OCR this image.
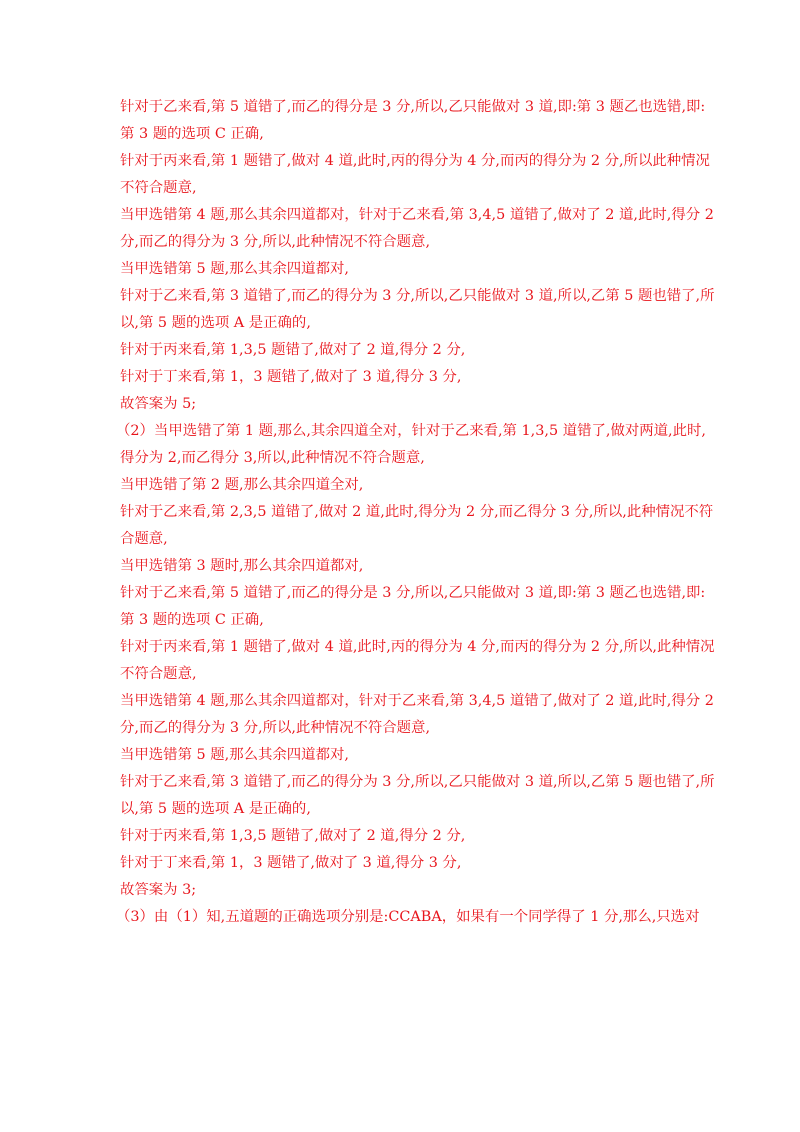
针对于乙来看,第 5 道错了,而乙的得分是 3 分,所以,乙只能做对 3 道,即:第 3 题乙也选错,即:
第 3 题的选项 C 正确,
针对于丙来看,第 1 题错了,做对 4 道,此时,丙的得分为 4 分,而丙的得分为 2 分,所以此种情况
不符合题意,
当甲选错第 4 题,那么其余四道都对，针对于乙来看,第 3,4,5 道错了,做对了 2 道,此时,得分 2
分,而乙的得分为 3 分,所以,此种情况不符合题意,
当甲选错第 5 题,那么其余四道都对,
针对于乙来看,第 3 道错了,而乙的得分为 3 分,所以,乙只能做对 3 道,所以,乙第 5 题也错了,所
以,第 5 题的选项 A 是正确的,
针对于丙来看,第 1,3,5 题错了,做对了 2 道,得分 2 分,
针对于丁来看,第 1，3 题错了,做对了 3 道,得分 3 分,
故答案为 5;
（2）当甲选错了第 1 题,那么,其余四道全对，针对于乙来看,第 1,3,5 道错了,做对两道,此时,
得分为 2,而乙得分 3,所以,此种情况不符合题意,
当甲选错了第 2 题,那么其余四道全对,
针对于乙来看,第 2,3,5 道错了,做对 2 道,此时,得分为 2 分,而乙得分 3 分,所以,此种情况不符
合题意,
当甲选错第 3 题时,那么其余四道都对,
针对于乙来看,第 5 道错了,而乙的得分是 3 分,所以,乙只能做对 3 道,即:第 3 题乙也选错,即:
第 3 题的选项 C 正确,
针对于丙来看,第 1 题错了,做对 4 道,此时,丙的得分为 4 分,而丙的得分为 2 分,所以,此种情况
不符合题意,
当甲选错第 4 题,那么其余四道都对，针对于乙来看,第 3,4,5 道错了,做对了 2 道,此时,得分 2
分,而乙的得分为 3 分,所以,此种情况不符合题意,
当甲选错第 5 题,那么其余四道都对,
针对于乙来看,第 3 道错了,而乙的得分为 3 分,所以,乙只能做对 3 道,所以,乙第 5 题也错了,所
以,第 5 题的选项 A 是正确的,
针对于丙来看,第 1,3,5 题错了,做对了 2 道,得分 2 分,
针对于丁来看,第 1，3 题错了,做对了 3 道,得分 3 分,
故答案为 3;
（3）由（1）知,五道题的正确选项分别是:CCABA，如果有一个同学得了 1 分,那么,只选对
